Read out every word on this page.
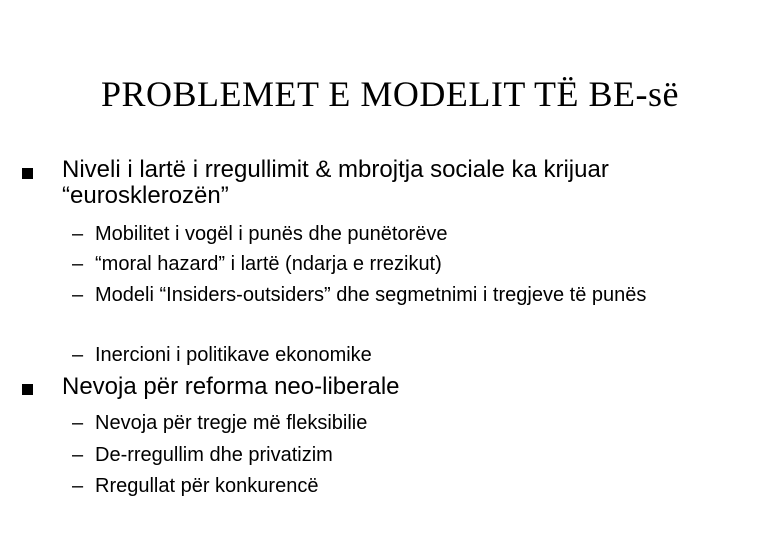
PROBLEMET E MODELIT TË BE-së
Niveli i lartë i rregullimit & mbrojtja sociale ka krijuar “eurosklerozën”
– Mobilitet i vogël i punës dhe punëtorëve
– “moral hazard” i lartë (ndarja e rrezikut)
– Modeli “Insiders-outsiders” dhe segmetnimi i tregjeve të punës
– Inercioni i politikave ekonomike
Nevoja për reforma neo-liberale
– Nevoja për tregje më fleksibilie
– De-rregullim dhe privatizim
– Rregullat për konkurencë
